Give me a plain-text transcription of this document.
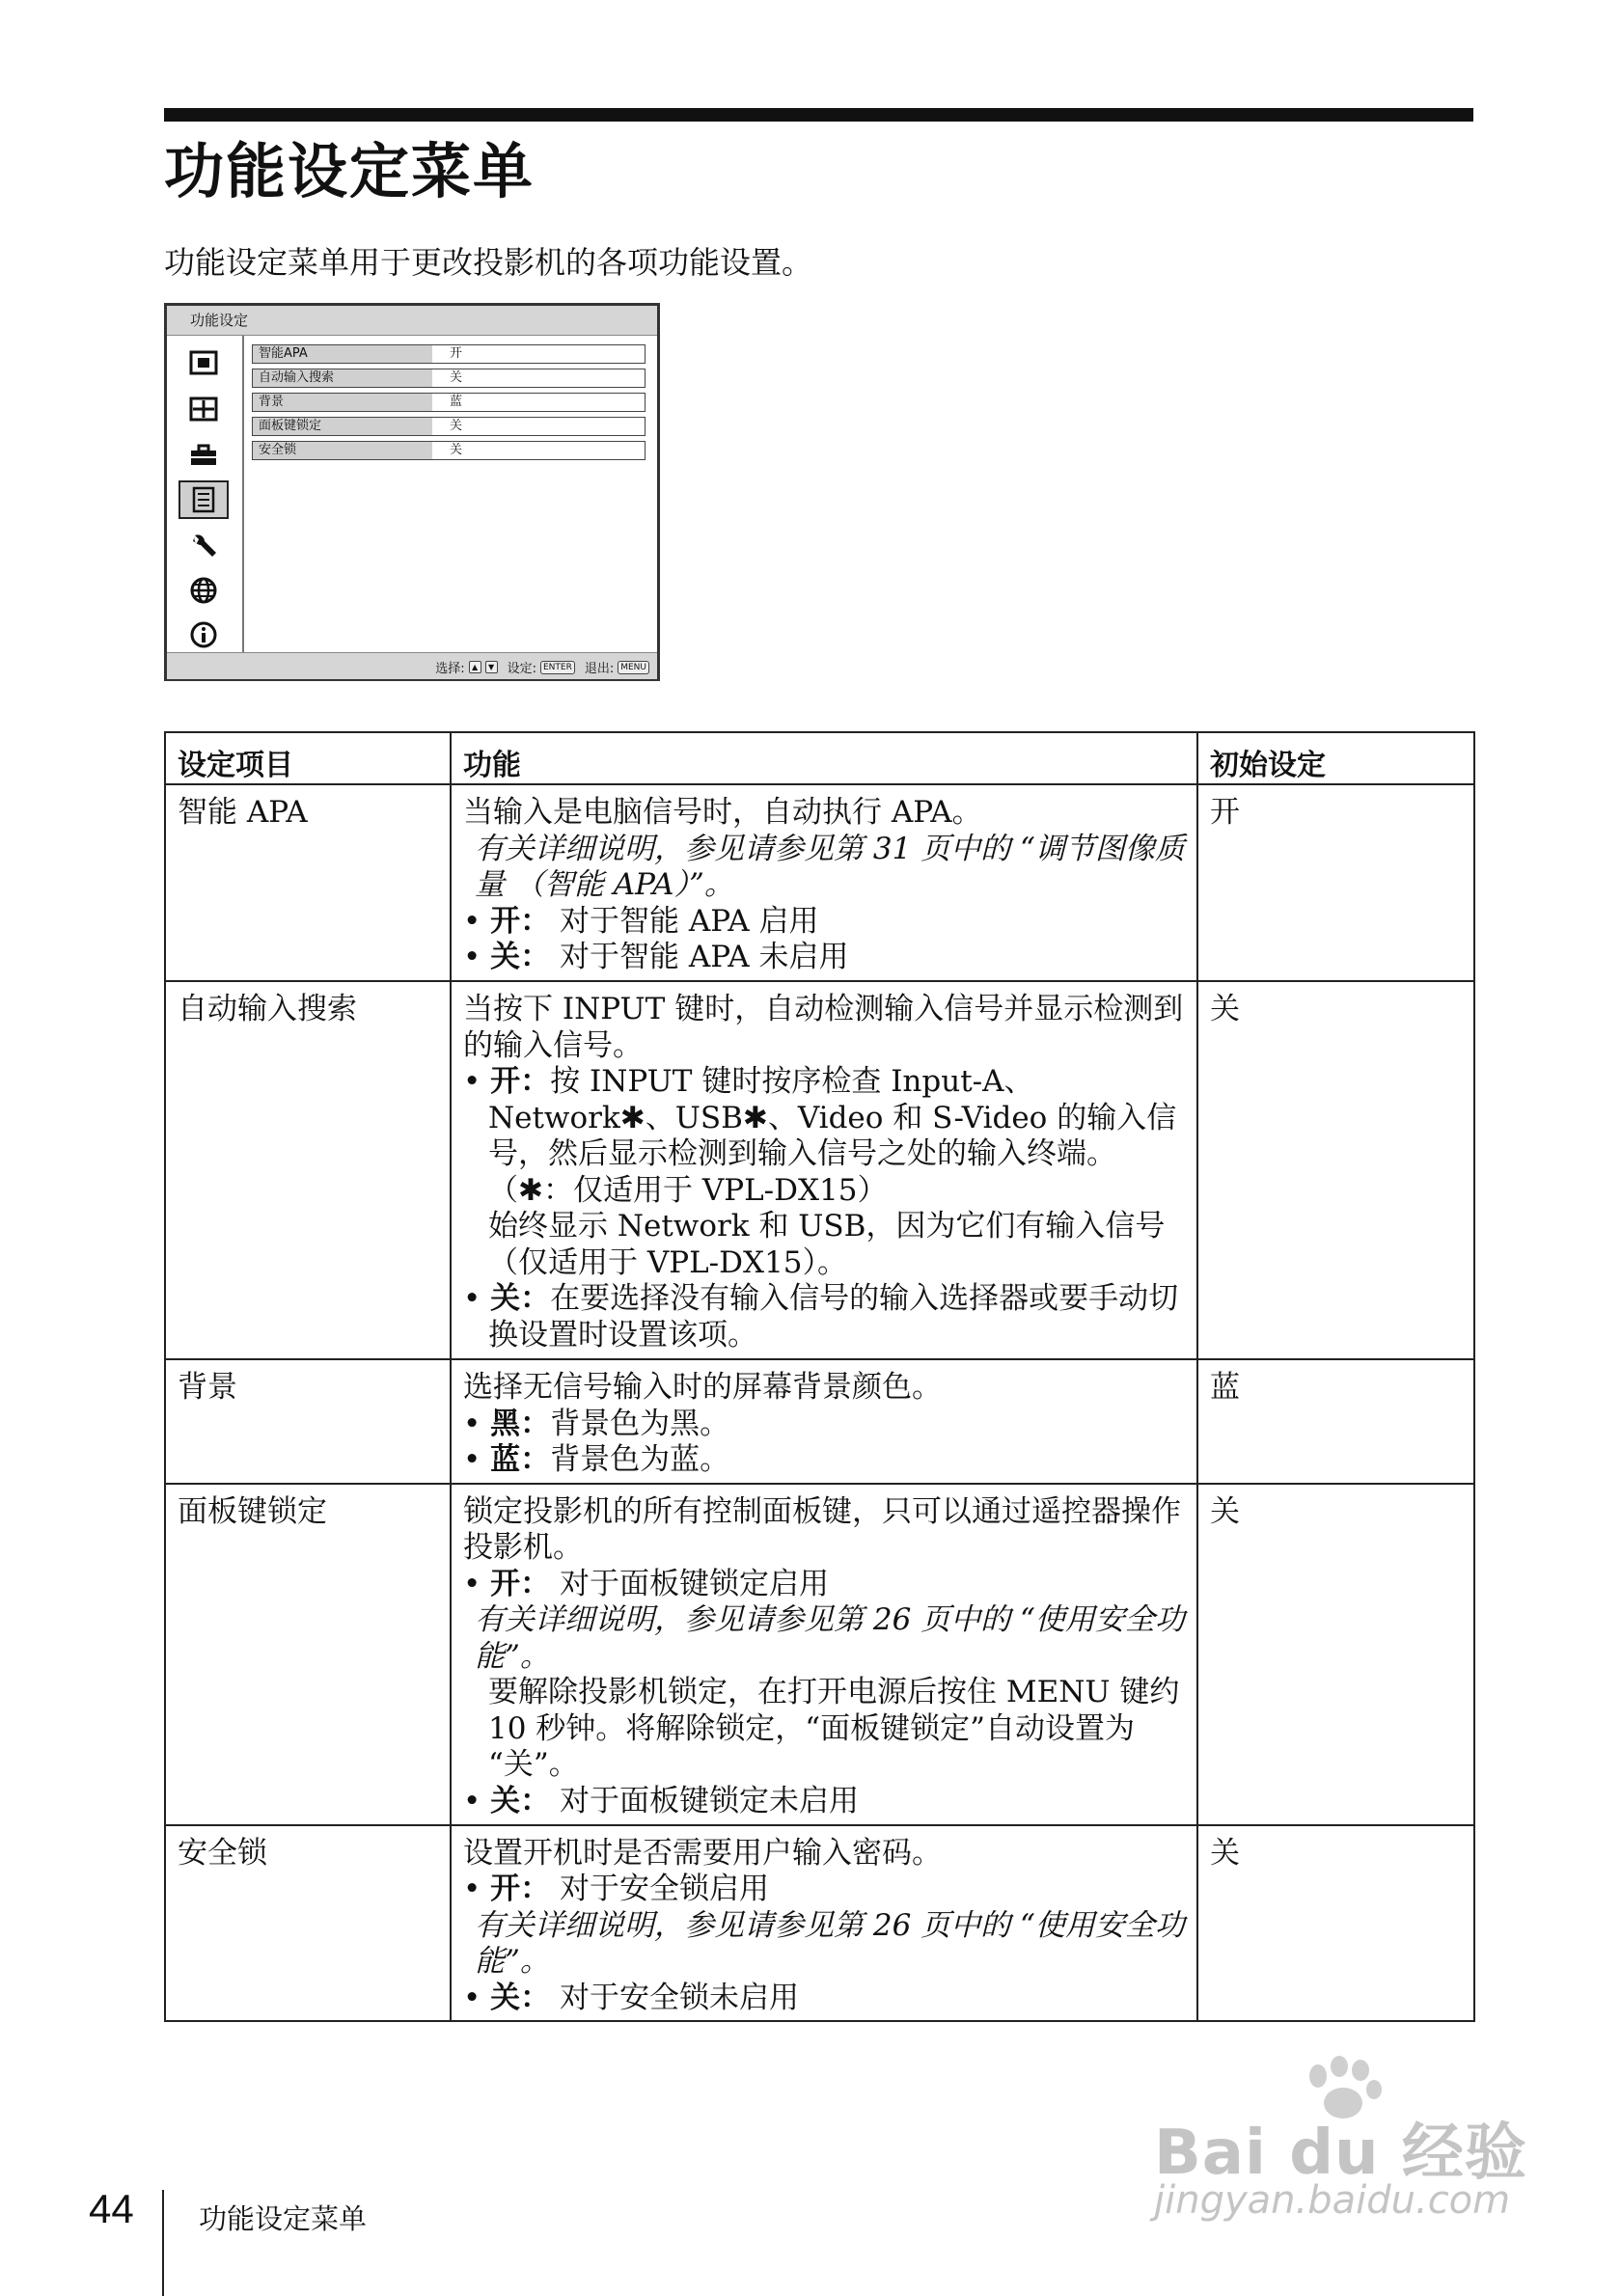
功能设定菜单
功能设定菜单用于更改投影机的各项功能设置。
功能设定
智能APA	开
自动输入搜索	关
背景	蓝
面板键锁定	关
安全锁	关
选择: ▲	▼ 设定: ENTER 退出: MENU
设定项目	功能	初始设定
智能 APA	当输入是电脑信号时，自动执行 APA。

有关详细说明，参见请参见第 31 页中的 “调节图像质量 （智能 APA）”。

• 开： 对于智能 APA 启用

• 关： 对于智能 APA 未启用	开
自动输入搜索	当按下 INPUT 键时，自动检测输入信号并显示检测到的输入信号。

• 开：按 INPUT 键时按序检查 Input-A、Network✱、USB✱、Video 和 S-Video 的输入信号，然后显示检测到输入信号之处的输入终端。（✱：仅适用于 VPL-DX15）

始终显示 Network 和 USB，因为它们有输入信号（仅适用于 VPL-DX15）。

• 关：在要选择没有输入信号的输入选择器或要手动切换设置时设置该项。	关
背景	选择无信号输入时的屏幕背景颜色。

• 黑：背景色为黑。

• 蓝：背景色为蓝。	蓝
面板键锁定	锁定投影机的所有控制面板键，只可以通过遥控器操作投影机。

• 开： 对于面板键锁定启用

有关详细说明，参见请参见第 26 页中的 “使用安全功能”。

要解除投影机锁定，在打开电源后按住 MENU 键约 10 秒钟。将解除锁定，“面板键锁定”自动设置为 “关”。

• 关： 对于面板键锁定未启用	关
安全锁	设置开机时是否需要用户输入密码。

• 开： 对于安全锁启用

有关详细说明，参见请参见第 26 页中的 “使用安全功能”。

• 关： 对于安全锁未启用	关
44 功能设定菜单
Bai du 经验
jingyan.baidu.com
